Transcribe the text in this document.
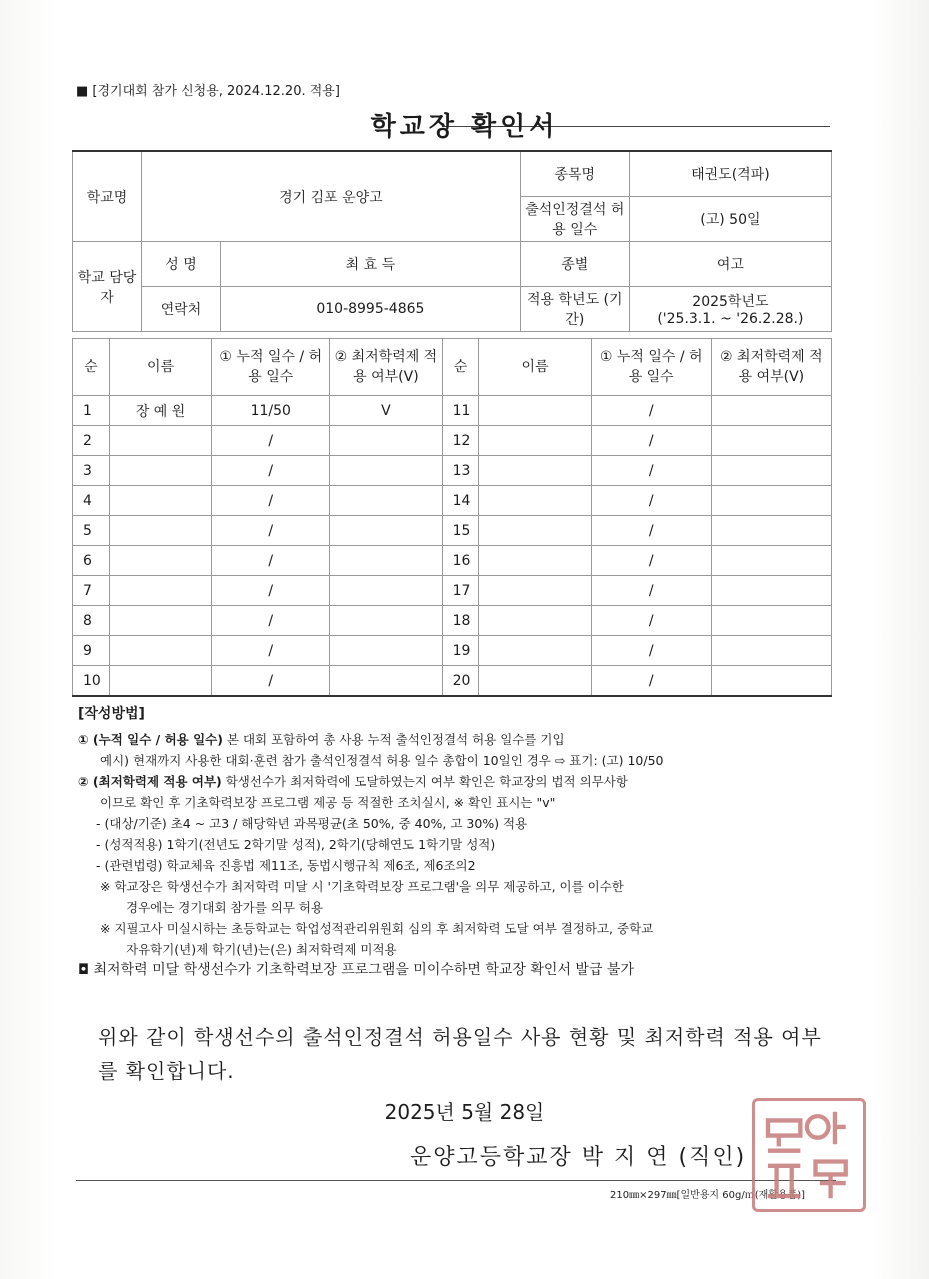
■ [경기대회 참가 신청용, 2024.12.20. 적용]
학교장 확인서
학교명	경기 김포 운양고		종목명	태권도(격파)
			출석인정결석 허용 일수	(고) 50일
학교 담당자	성 명	최 효 득	종별	여고
	연락처	010-8995-4865	적용 학년도 (기간)	2025학년도
('25.3.1. ~ '26.2.28.)
순	이름	① 누적 일수 / 허용 일수	② 최저학력제 적용 여부(V)	순	이름	① 누적 일수 / 허용 일수	② 최저학력제 적용 여부(V)
1	장 예 원	11/50	V	11		/	
2		/		12		/	
3		/		13		/	
4		/		14		/	
5		/		15		/	
6		/		16		/	
7		/		17		/	
8		/		18		/	
9		/		19		/	
10		/		20		/	
[작성방법]

① (누적 일수 / 허용 일수) 본 대회 포함하여 총 사용 누적 출석인정결석 허용 일수를 기입

예시) 현재까지 사용한 대회·훈련 참가 출석인정결석 허용 일수 총합이 10일인 경우 ⇨ 표기: (고) 10/50

② (최저학력제 적용 여부) 학생선수가 최저학력에 도달하였는지 여부 확인은 학교장의 법적 의무사항

이므로 확인 후 기초학력보장 프로그램 제공 등 적절한 조치실시, ※ 확인 표시는 "v"

- (대상/기준) 초4 ~ 고3 / 해당학년 과목평균(초 50%, 중 40%, 고 30%) 적용

- (성적적용) 1학기(전년도 2학기말 성적), 2학기(당해연도 1학기말 성적)

- (관련법령) 학교체육 진흥법 제11조, 동법시행규칙 제6조, 제6조의2

※ 학교장은 학생선수가 최저학력 미달 시 '기초학력보장 프로그램'을 의무 제공하고, 이를 이수한

경우에는 경기대회 참가를 의무 허용

※ 지필고사 미실시하는 초등학교는 학업성적관리위원회 심의 후 최저학력 도달 여부 결정하고, 중학교

자유학기(년)제 학기(년)는(은) 최저학력제 미적용

◘ 최저학력 미달 학생선수가 기초학력보장 프로그램을 미이수하면 학교장 확인서 발급 불가

위와 같이 학생선수의 출석인정결석 허용일수 사용 현황 및 최저학력 적용 여부를 확인합니다.
2025년 5월 28일
운양고등학교장 박 지 연 (직인)
210㎜×297㎜[일반용지 60g/㎡(재활용품)]
